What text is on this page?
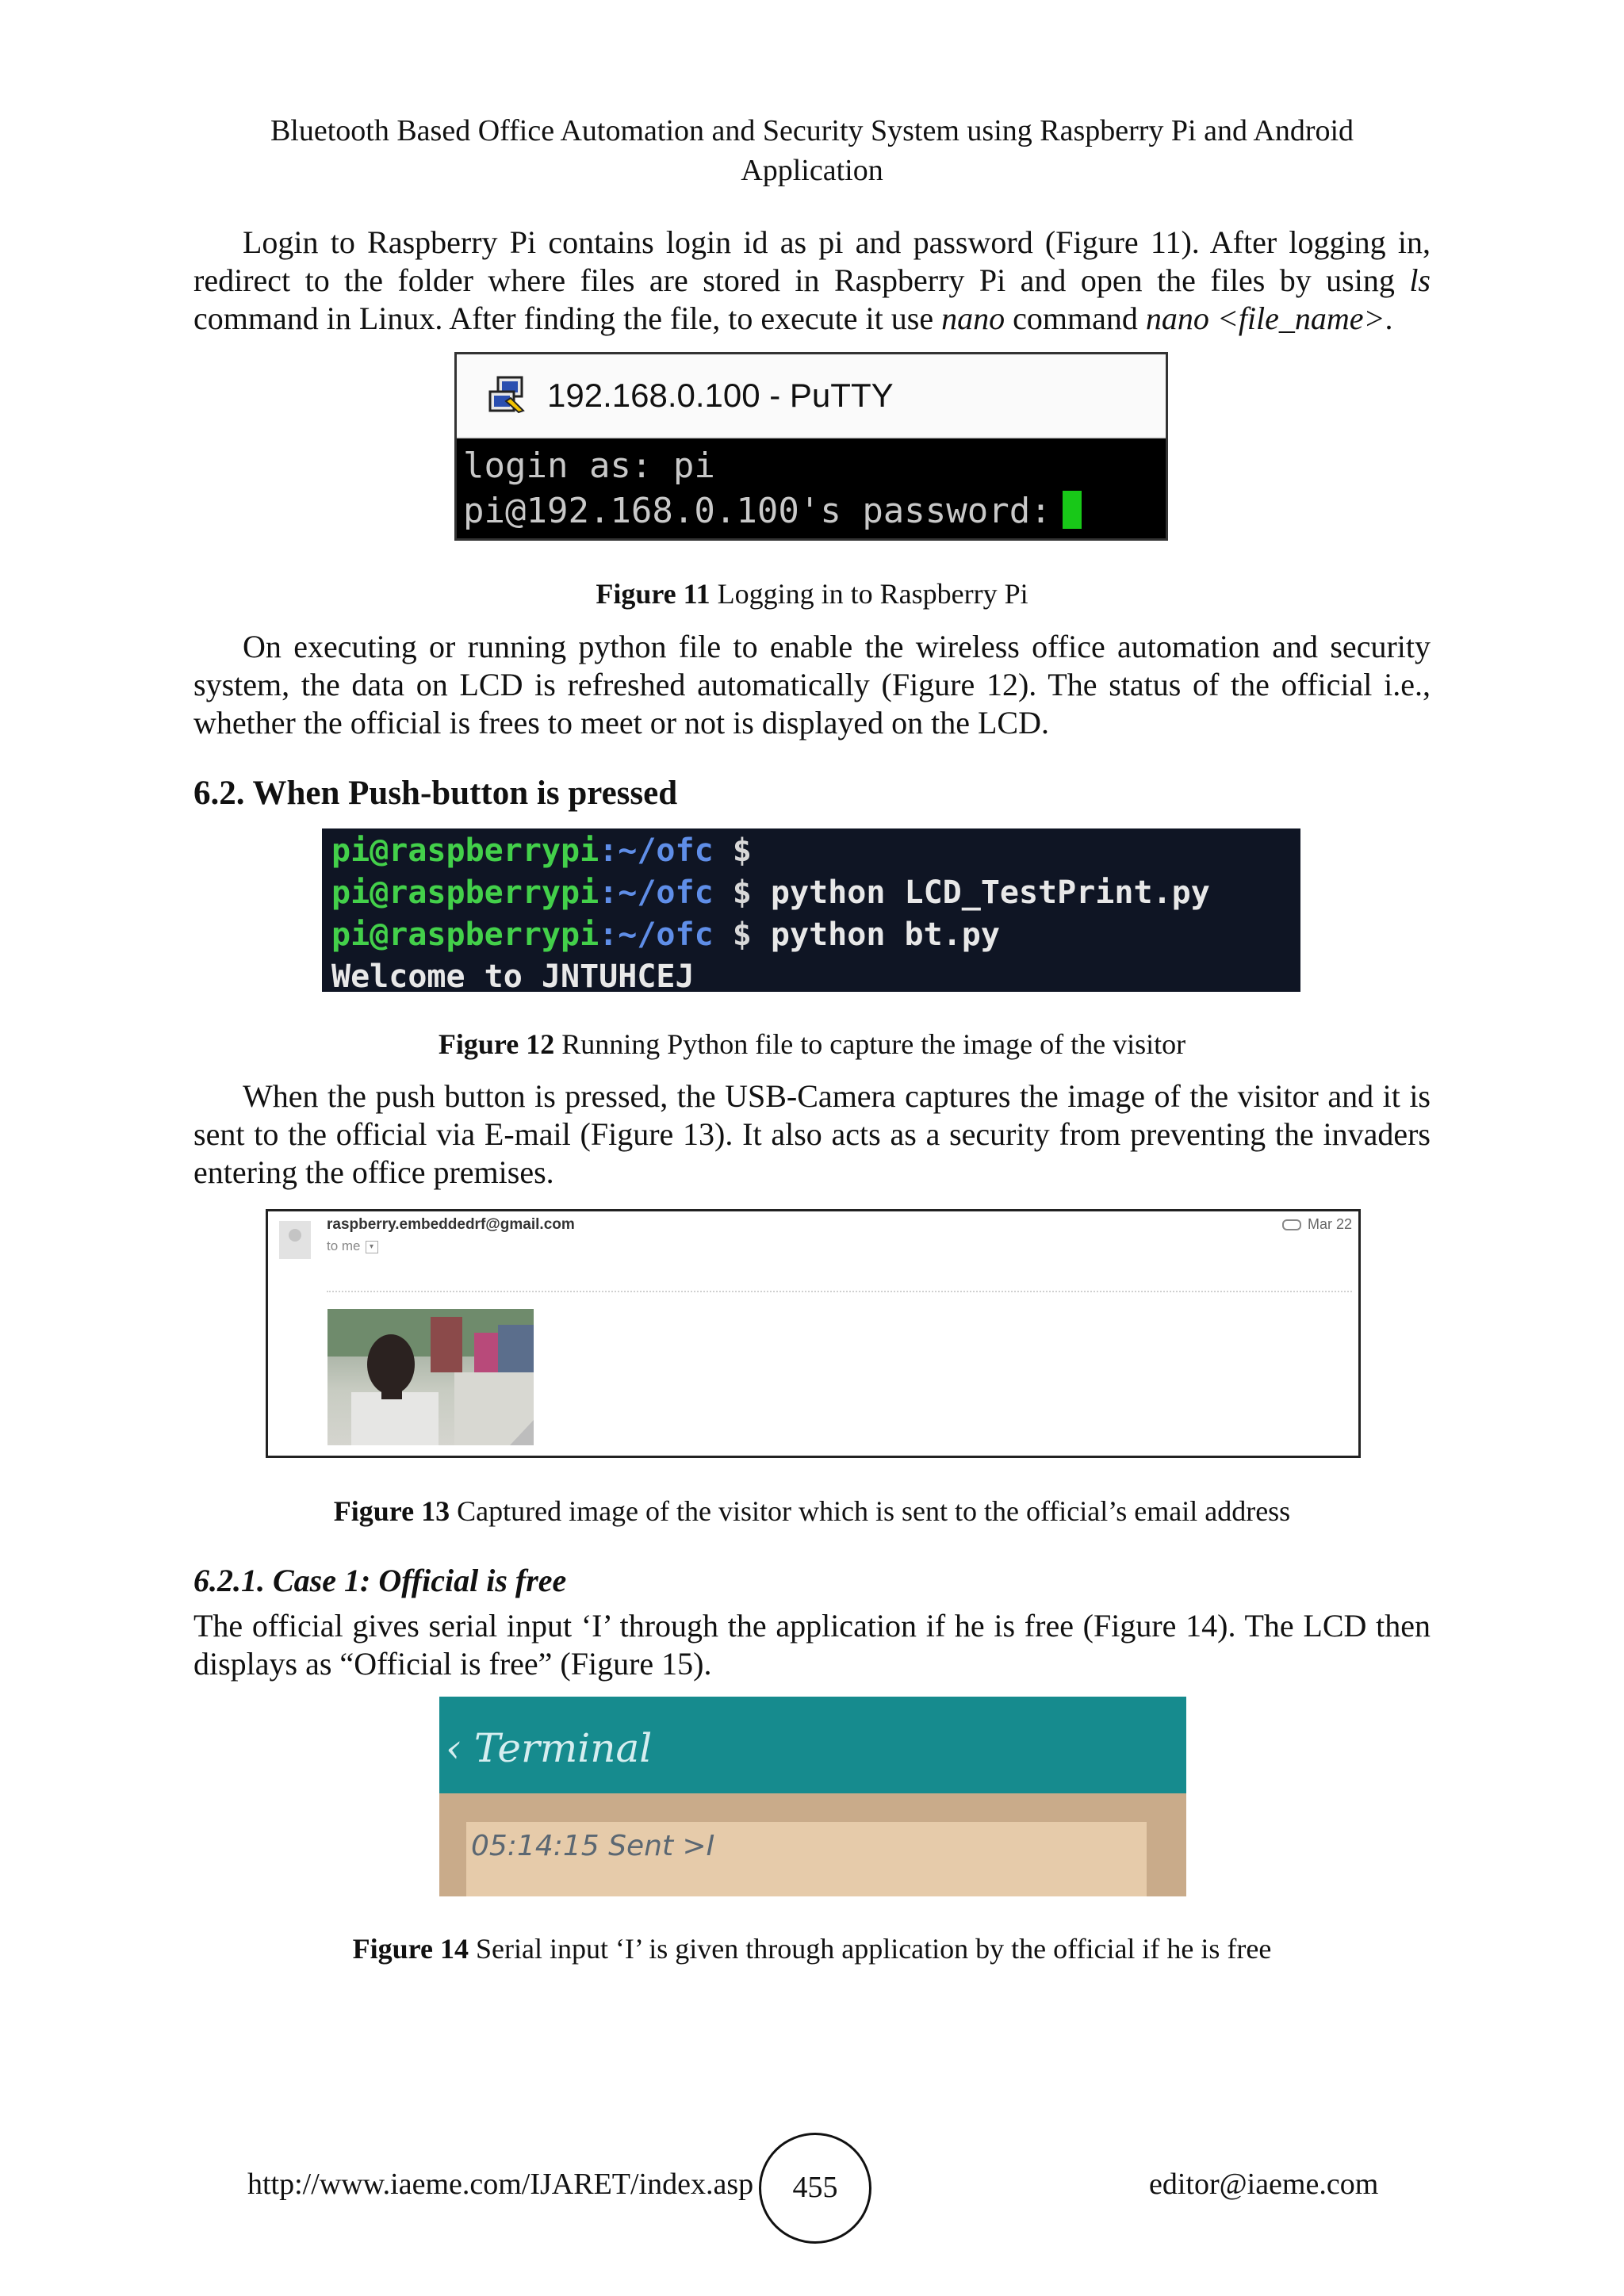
Bluetooth Based Office Automation and Security System using Raspberry Pi and Android
Application

Login to Raspberry Pi contains login id as pi and password (Figure 11). After logging in, redirect to the folder where files are stored in Raspberry Pi and open the files by using ls command in Linux. After finding the file, to execute it use nano command nano <file_name>.

192.168.0.100 - PuTTY
login as: pi
pi@192.168.0.100's password:
Figure 11 Logging in to Raspberry Pi

On executing or running python file to enable the wireless office automation and security system, the data on LCD is refreshed automatically (Figure 12). The status of the official i.e., whether the official is frees to meet or not is displayed on the LCD.

6.2. When Push-button is pressed
pi@raspberrypi:~/ofc $
pi@raspberrypi:~/ofc $ python LCD_TestPrint.py
pi@raspberrypi:~/ofc $ python bt.py
Welcome to JNTUHCEJ
Figure 12 Running Python file to capture the image of the visitor

When the push button is pressed, the USB-Camera captures the image of the visitor and it is sent to the official via E-mail (Figure 13). It also acts as a security from preventing the invaders entering the office premises.

raspberry.embeddedrf@gmail.com
to me ▾
Mar 22
Figure 13 Captured image of the visitor which is sent to the official’s email address
6.2.1. Case 1: Official is free

The official gives serial input ‘I’ through the application if he is free (Figure 14). The LCD then displays as “Official is free” (Figure 15).

‹ Terminal
05:14:15 Sent >I
Figure 14 Serial input ‘I’ is given through application by the official if he is free
http://www.iaeme.com/IJARET/index.asp	455	editor@iaeme.com
